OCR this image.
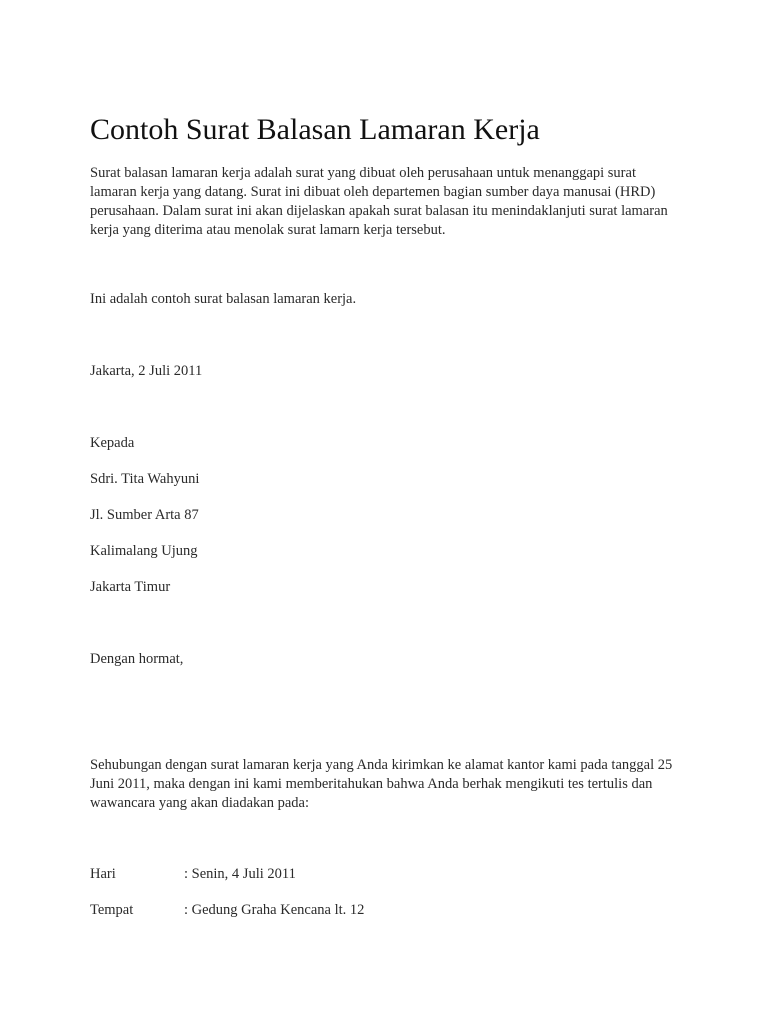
Contoh Surat Balasan Lamaran Kerja

Surat balasan lamaran kerja adalah surat yang dibuat oleh perusahaan untuk menanggapi surat lamaran kerja yang datang. Surat ini dibuat oleh departemen bagian sumber daya manusai (HRD) perusahaan. Dalam surat ini akan dijelaskan apakah surat balasan itu menindaklanjuti surat lamaran kerja yang diterima atau menolak surat lamarn kerja tersebut.

Ini adalah contoh surat balasan lamaran kerja.

Jakarta, 2 Juli 2011

Kepada

Sdri. Tita Wahyuni

Jl. Sumber Arta 87

Kalimalang Ujung

Jakarta Timur

Dengan hormat,

Sehubungan dengan surat lamaran kerja yang Anda kirimkan ke alamat kantor kami pada tanggal 25 Juni 2011, maka dengan ini kami memberitahukan bahwa Anda berhak mengikuti tes tertulis dan wawancara yang akan diadakan pada:

Hari	: Senin, 4 Juli 2011
Tempat	: Gedung Graha Kencana lt. 12
